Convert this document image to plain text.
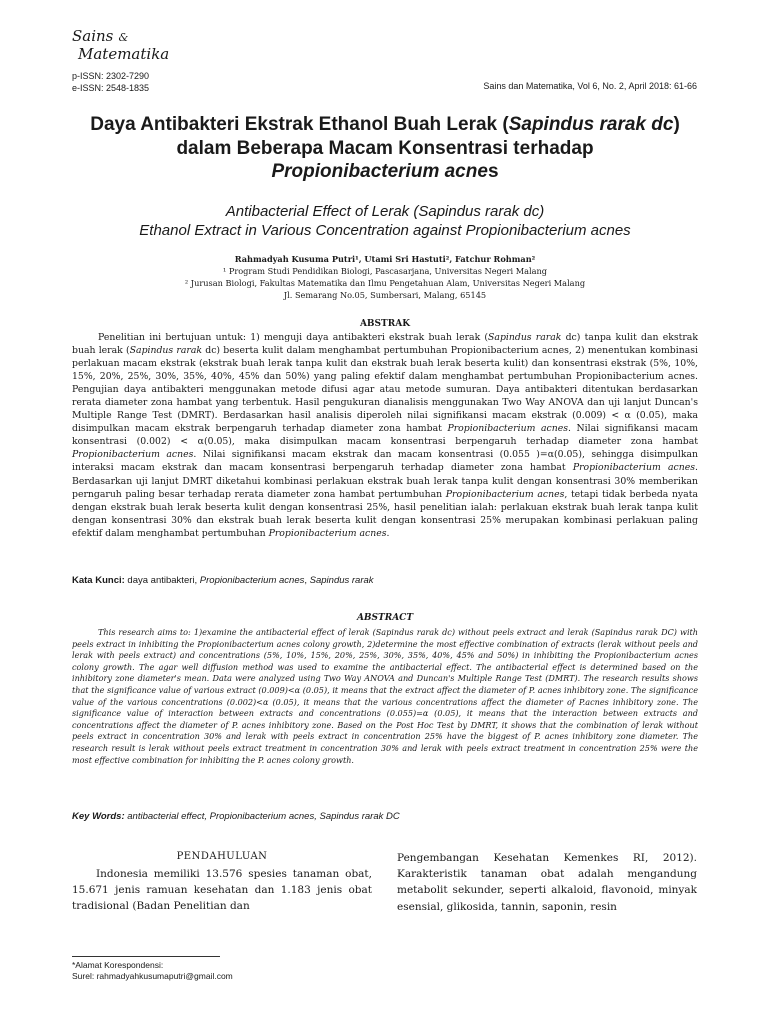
Sains &
Matematika
p-ISSN: 2302-7290
e-ISSN: 2548-1835	Sains dan Matematika, Vol 6, No. 2, April 2018: 61-66
Daya Antibakteri Ekstrak Ethanol Buah Lerak (Sapindus rarak dc) dalam Beberapa Macam Konsentrasi terhadap
Propionibacterium acnes
Antibacterial Effect of Lerak (Sapindus rarak dc)
Ethanol Extract in Various Concentration against Propionibacterium acnes
Rahmadyah Kusuma Putri¹, Utami Sri Hastuti², Fatchur Rohman²
¹ Program Studi Pendidikan Biologi, Pascasarjana, Universitas Negeri Malang
² Jurusan Biologi, Fakultas Matematika dan Ilmu Pengetahuan Alam, Universitas Negeri Malang
Jl. Semarang No.05, Sumbersari, Malang, 65145
ABSTRAK

Penelitian ini bertujuan untuk: 1) menguji daya antibakteri ekstrak buah lerak (Sapindus rarak dc) tanpa kulit dan ekstrak buah lerak (Sapindus rarak dc) beserta kulit dalam menghambat pertumbuhan Propionibacterium acnes, 2) menentukan kombinasi perlakuan macam ekstrak (ekstrak buah lerak tanpa kulit dan ekstrak buah lerak beserta kulit) dan konsentrasi ekstrak (5%, 10%, 15%, 20%, 25%, 30%, 35%, 40%, 45% dan 50%) yang paling efektif dalam menghambat pertumbuhan Propionibacterium acnes. Pengujian daya antibakteri menggunakan metode difusi agar atau metode sumuran. Daya antibakteri ditentukan berdasarkan rerata diameter zona hambat yang terbentuk. Hasil pengukuran dianalisis menggunakan Two Way ANOVA dan uji lanjut Duncan's Multiple Range Test (DMRT). Berdasarkan hasil analisis diperoleh nilai signifikansi macam ekstrak (0.009) < α (0.05), maka disimpulkan macam ekstrak berpengaruh terhadap diameter zona hambat Propionibacterium acnes. Nilai signifikansi macam konsentrasi (0.002) < α(0.05), maka disimpulkan macam konsentrasi berpengaruh terhadap diameter zona hambat Propionibacterium acnes. Nilai signifikansi macam ekstrak dan macam konsentrasi (0.055 )=α(0.05), sehingga disimpulkan interaksi macam ekstrak dan macam konsentrasi berpengaruh terhadap diameter zona hambat Propionibacterium acnes. Berdasarkan uji lanjut DMRT diketahui kombinasi perlakuan ekstrak buah lerak tanpa kulit dengan konsentrasi 30% memberikan perngaruh paling besar terhadap rerata diameter zona hambat pertumbuhan Propionibacterium acnes, tetapi tidak berbeda nyata dengan ekstrak buah lerak beserta kulit dengan konsentrasi 25%, hasil penelitian ialah: perlakuan ekstrak buah lerak tanpa kulit dengan konsentrasi 30% dan ekstrak buah lerak beserta kulit dengan konsentrasi 25% merupakan kombinasi perlakuan paling efektif dalam menghambat pertumbuhan Propionibacterium acnes.

Kata Kunci: daya antibakteri, Propionibacterium acnes, Sapindus rarak
ABSTRACT

This research aims to: 1)examine the antibacterial effect of lerak (Sapindus rarak dc) without peels extract and lerak (Sapindus rarak DC) with peels extract in inhibiting the Propionibacterium acnes colony growth, 2)determine the most effective combination of extracts (lerak without peels and lerak with peels extract) and concentrations (5%, 10%, 15%, 20%, 25%, 30%, 35%, 40%, 45% and 50%) in inhibiting the Propionibacterium acnes colony growth. The agar well diffusion method was used to examine the antibacterial effect. The antibacterial effect is determined based on the inhibitory zone diameter's mean. Data were analyzed using Two Way ANOVA and Duncan's Multiple Range Test (DMRT). The research results shows that the significance value of various extract (0.009)<α (0.05), it means that the extract affect the diameter of P. acnes inhibitory zone. The significance value of the various concentrations (0.002)<α (0.05), it means that the various concentrations affect the diameter of P.acnes inhibitory zone. The significance value of interaction between extracts and concentrations (0.055)=α (0.05), it means that the interaction between extracts and concentrations affect the diameter of P. acnes inhibitory zone. Based on the Post Hoc Test by DMRT, it shows that the combination of lerak without peels extract in concentration 30% and lerak with peels extract in concentration 25% have the biggest of P. acnes inhibitory zone diameter. The research result is lerak without peels extract treatment in concentration 30% and lerak with peels extract treatment in concentration 25% were the most effective combination for inhibiting the P. acnes colony growth.

Key Words: antibacterial effect, Propionibacterium acnes, Sapindus rarak DC
PENDAHULUAN

Indonesia memiliki 13.576 spesies tanaman obat, 15.671 jenis ramuan kesehatan dan 1.183 jenis obat tradisional (Badan Penelitian dan

Pengembangan Kesehatan Kemenkes RI, 2012). Karakteristik tanaman obat adalah mengandung metabolit sekunder, seperti alkaloid, flavonoid, minyak esensial, glikosida, tannin, saponin, resin

*Alamat Korespondensi:
Surel: rahmadyahkusumaputri@gmail.com
